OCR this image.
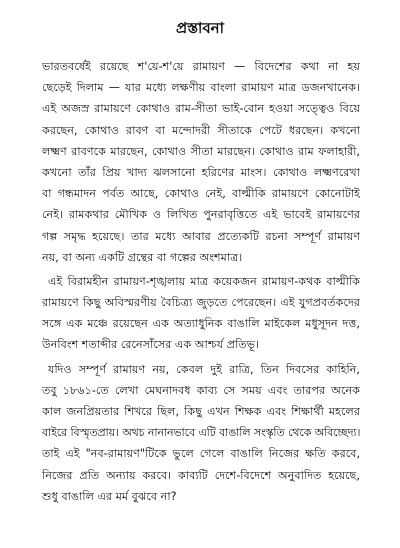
প্রস্তাবনা
ভারতবর্ষেই রয়েছে শ'য়ে-শ'য়ে রামায়ণ — বিদেশের কথা না হয়
ছেড়েই দিলাম — যার মধ্যে লক্ষণীয় বাংলা রামায়ণ মাত্র ডজনখানেক।
এই অজস্র রামায়ণে কোথাও রাম-সীতা ভাই-বোন হওয়া সত্ত্বেও বিয়ে
করছেন, কোথাও রাবণ বা মন্দোদরী সীতাকে পেটে ধরছেন। কখনো
লক্ষ্মণ রাবণকে মারছেন, কোথাও সীতা মারছেন। কোথাও রাম ফলাহারী,
কখনো তাঁর প্রিয় খাদ্য ঝলসানো হরিণের মাংস। কোথাও লক্ষ্মণরেখা
বা গন্ধমাদন পর্বত আছে, কোথাও নেই, বাল্মীকি রামায়ণে কোনোটাই
নেই। রামকথার মৌখিক ও লিখিত পুনরাবৃত্তিতে এই ভাবেই রামায়ণের
গল্প সমৃদ্ধ হয়েছে। তার মধ্যে আবার প্রত্যেকটি রচনা সম্পূর্ণ রামায়ণ
নয়, বা অন্য একটি গ্রন্থের বা গল্পের অংশমাত্র।
এই বিরামহীন রামায়ণ-শৃঙ্খলায় মাত্র কয়েকজন রামায়ণ-কথক বাল্মীকি
রামায়ণে কিছু অবিস্মরণীয় বৈচিত্র্য জুড়তে পেরেছেন। এই যুগপ্রবর্তকদের
সঙ্গে এক মঞ্চে রয়েছেন এক অত্যাধুনিক বাঙালি মাইকেল মধুসূদন দত্ত,
উনবিংশ শতাব্দীর রেনেসাঁসের এক আশ্চর্য প্রতিভূ।
যদিও সম্পূর্ণ রামায়ণ নয়, কেবল দুই রাত্রি, তিন দিবসের কাহিনি,
তবু ১৮৬১-তে লেখা মেঘনাদবধ কাব্য সে সময় এবং তারপর অনেক
কাল জনপ্রিয়তার শিখরে ছিল, কিছু এখন শিক্ষক এবং শিক্ষার্থী মহলের
বাইরে বিস্মৃতপ্রায়। অথচ নানানভাবে এটি বাঙালি সংস্কৃতি থেকে অবিচ্ছেদ্য।
তাই এই "নব-রামায়ণ"টিকে ভুলে গেলে বাঙালি নিজের ক্ষতি করবে,
নিজের প্রতি অন্যায় করবে। কাব্যটি দেশে-বিদেশে অনুবাদিত হয়েছে,
শুধু বাঙালি এর মর্ম বুঝবে না?
